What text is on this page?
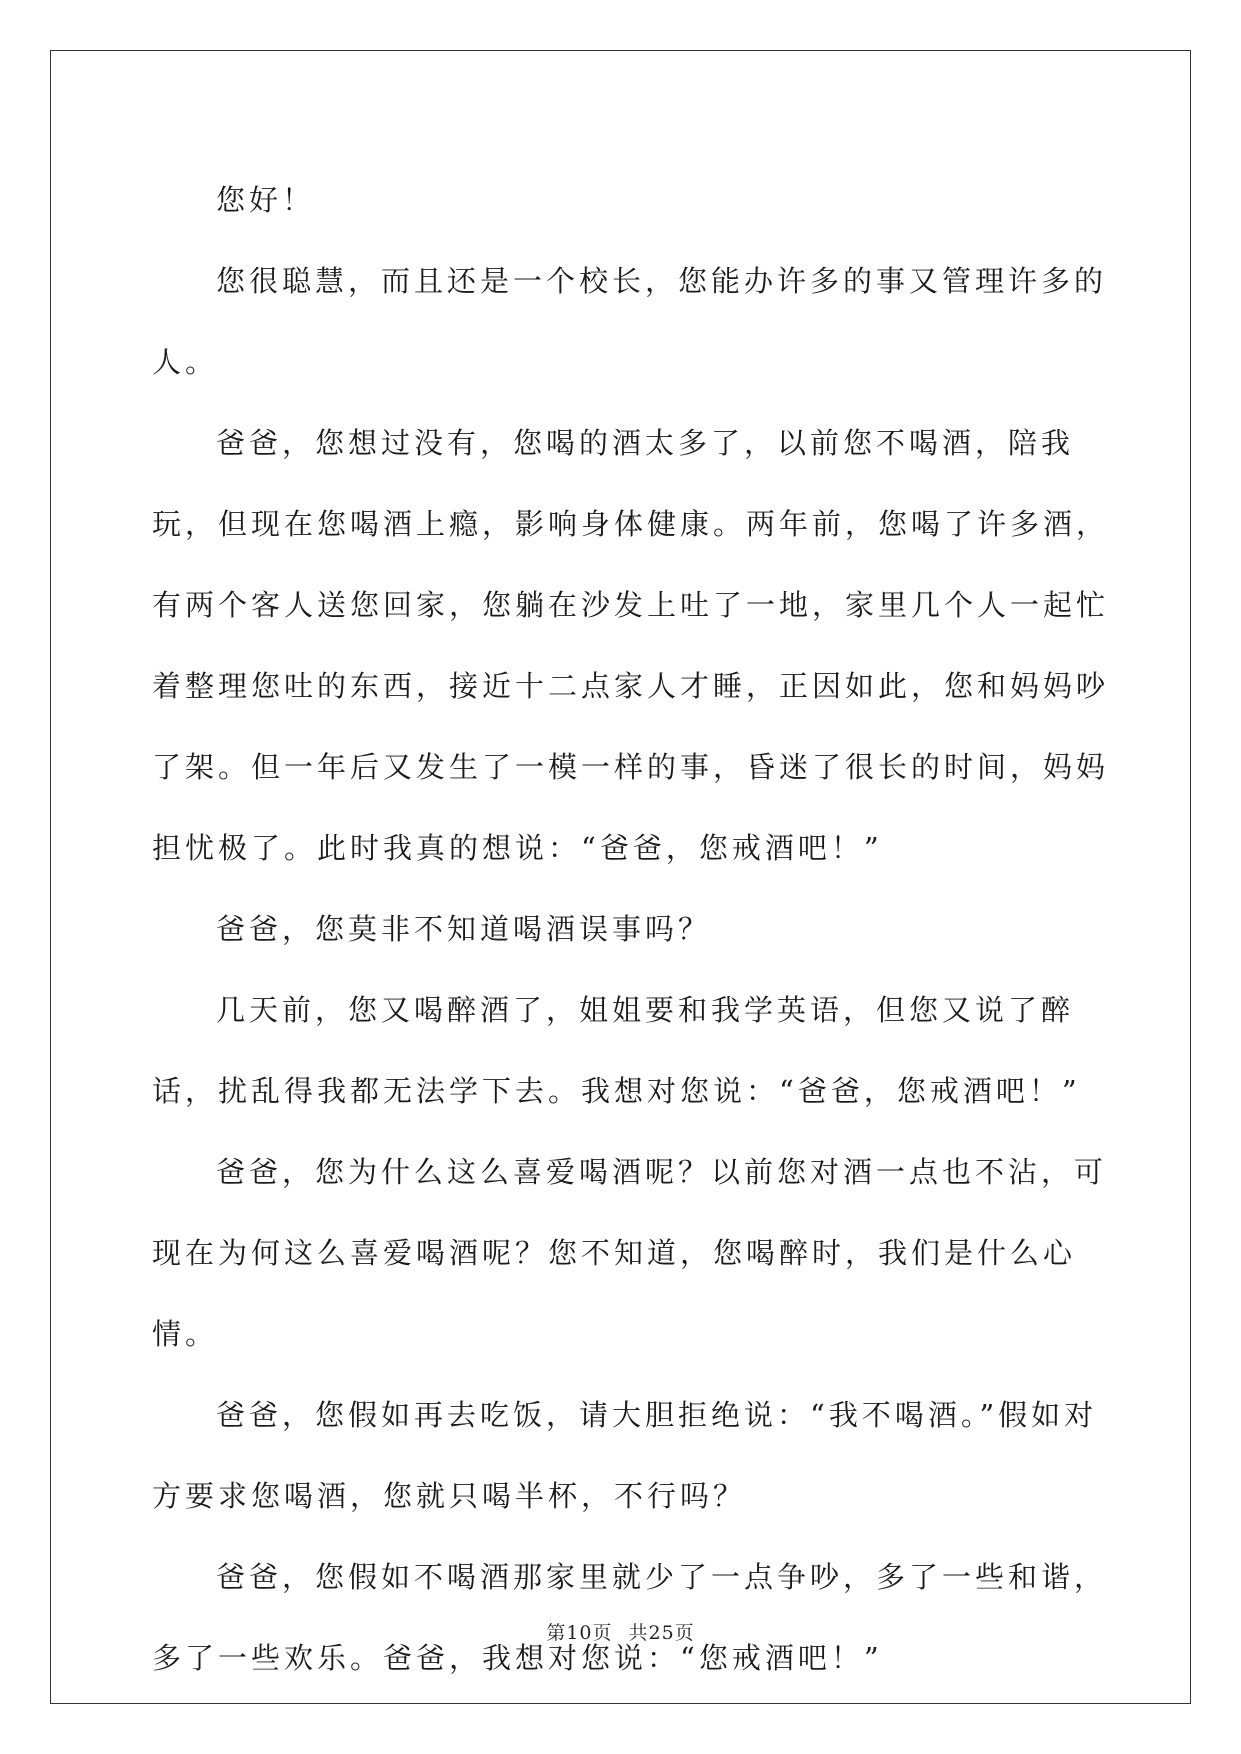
您好！

您很聪慧，而且还是一个校长，您能办许多的事又管理许多的人。

爸爸，您想过没有，您喝的酒太多了，以前您不喝酒，陪我玩，但现在您喝酒上瘾，影响身体健康。两年前，您喝了许多酒，有两个客人送您回家，您躺在沙发上吐了一地，家里几个人一起忙着整理您吐的东西，接近十二点家人才睡，正因如此，您和妈妈吵了架。但一年后又发生了一模一样的事，昏迷了很长的时间，妈妈担忧极了。此时我真的想说：“爸爸，您戒酒吧！”

爸爸，您莫非不知道喝酒误事吗？

几天前，您又喝醉酒了，姐姐要和我学英语，但您又说了醉话，扰乱得我都无法学下去。我想对您说：“爸爸，您戒酒吧！”

爸爸，您为什么这么喜爱喝酒呢？以前您对酒一点也不沾，可现在为何这么喜爱喝酒呢？您不知道，您喝醉时，我们是什么心情。

爸爸，您假如再去吃饭，请大胆拒绝说：“我不喝酒。”假如对方要求您喝酒，您就只喝半杯，不行吗？

爸爸，您假如不喝酒那家里就少了一点争吵，多了一些和谐，多了一些欢乐。爸爸，我想对您说：“您戒酒吧！”

第10页 共25页
